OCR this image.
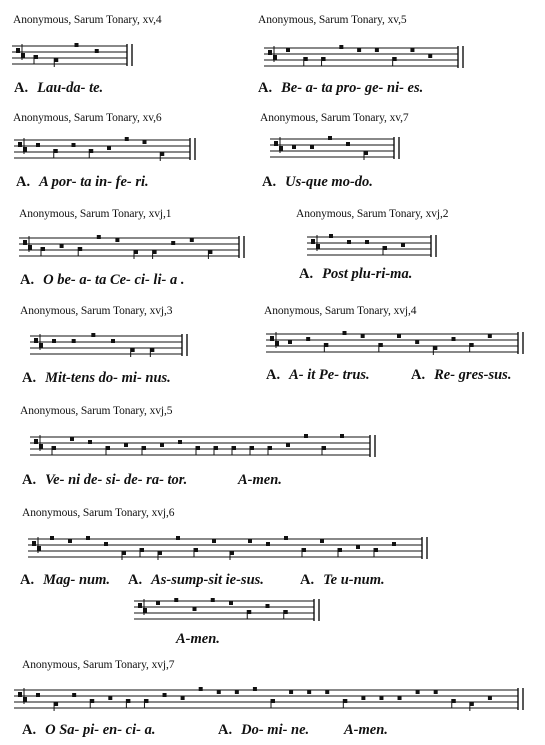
Anonymous, Sarum Tonary, xv,4
A. Lau-da- te.
Anonymous, Sarum Tonary, xv,5
A. Be- a- ta pro- ge- ni- es.
Anonymous, Sarum Tonary, xv,6
A. A por- ta in- fe- ri.
Anonymous, Sarum Tonary, xv,7
A. Us-que mo-do.
Anonymous, Sarum Tonary, xvj,1
A. O be- a- ta Ce- ci- li- a .
Anonymous, Sarum Tonary, xvj,2
A. Post plu-ri-ma.
Anonymous, Sarum Tonary, xvj,3
A. Mit-tens do- mi- nus.
Anonymous, Sarum Tonary, xvj,4
A. A- it Pe- trus.	A. Re- gres-sus.
Anonymous, Sarum Tonary, xvj,5
A. Ve- ni de- si- de- ra- tor.	A-men.
Anonymous, Sarum Tonary, xvj,6
A. Mag- num. A. As-sump-sit ie-sus. A. Te u-num.
A-men.
Anonymous, Sarum Tonary, xvj,7
A. O Sa- pi- en- ci- a.	A. Do- mi- ne. A-men.
